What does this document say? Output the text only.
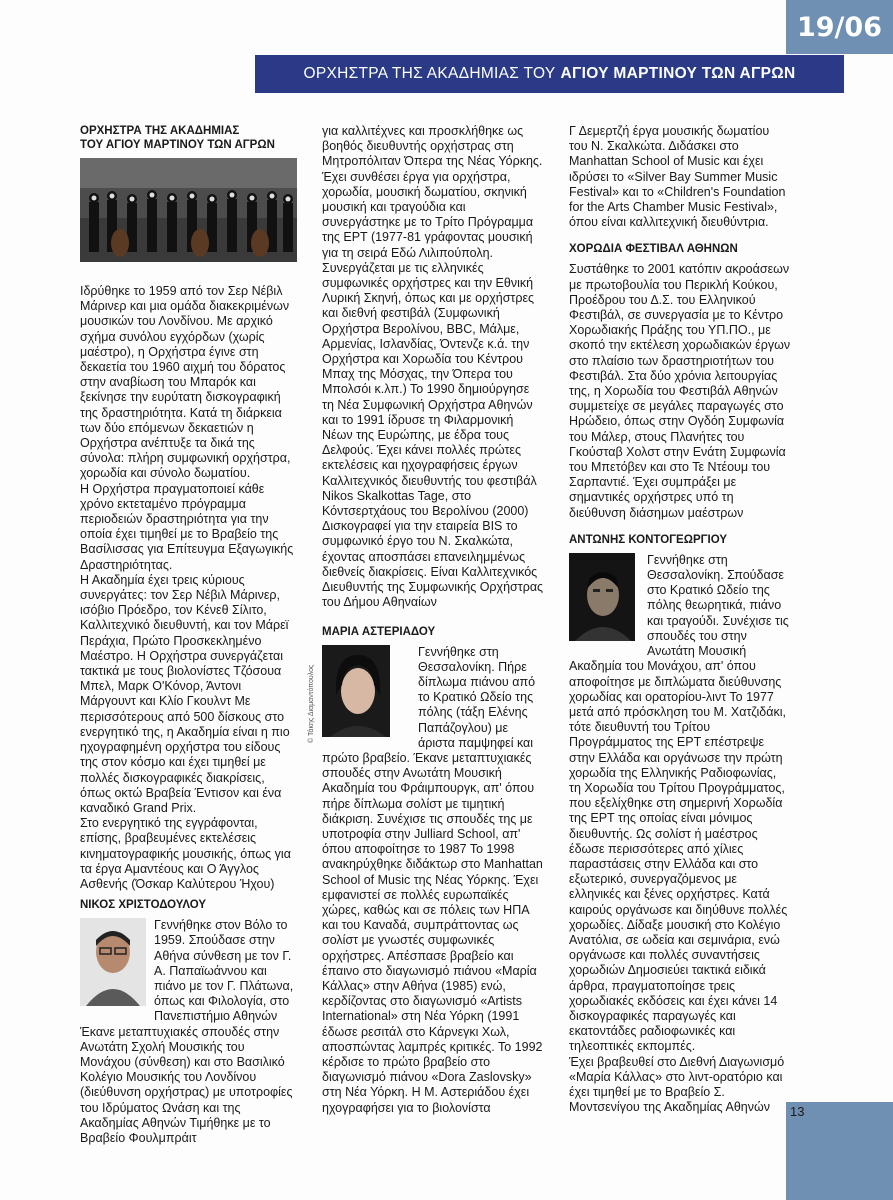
19/06
ΟΡΧΗΣΤΡΑ ΤΗΣ ΑΚΑΔΗΜΙΑΣ ΤΟΥ ΑΓΙΟΥ ΜΑΡΤΙΝΟΥ ΤΩΝ ΑΓΡΩΝ
ΟΡΧΗΣΤΡΑ ΤΗΣ ΑΚΑΔΗΜΙΑΣ
ΤΟΥ ΑΓΙΟΥ ΜΑΡΤΙΝΟΥ ΤΩΝ ΑΓΡΩΝ

Ιδρύθηκε το 1959 από τον Σερ Νέβιλ Μάρινερ και μια ομάδα διακεκριμένων μουσικών του Λονδίνου. Με αρχικό σχήμα συνόλου εγχόρδων (χωρίς μαέστρο), η Ορχήστρα έγινε στη δεκαετία του 1960 αιχμή του δόρατος στην αναβίωση του Μπαρόκ και ξεκίνησε την ευρύτατη δισκογραφική της δραστηριότητα. Κατά τη διάρκεια των δύο επόμενων δεκαετιών η Ορχήστρα ανέπτυξε τα δικά της σύνολα: πλήρη συμφωνική ορχήστρα, χορωδία και σύνολο δωματίου.
Η Ορχήστρα πραγματοποιεί κάθε χρόνο εκτεταμένο πρόγραμμα περιοδειών δραστηριότητα για την οποία έχει τιμηθεί με το Βραβείο της Βασίλισσας για Επίτευγμα Εξαγωγικής Δραστηριότητας.
Η Ακαδημία έχει τρεις κύριους συνεργάτες: τον Σερ Νέβιλ Μάρινερ, ισόβιο Πρόεδρο, τον Κένεθ Σίλιτο, Καλλιτεχνικό διευθυντή, και τον Μάρεϊ Περάχια, Πρώτο Προσκεκλημένο Μαέστρο. Η Ορχήστρα συνεργάζεται τακτικά με τους βιολονίστες Τζόσουα Μπελ, Μαρκ Ο'Κόνορ, Άντονι Μάργουντ και Κλίο Γκουλντ Με περισσότερους από 500 δίσκους στο ενεργητικό της, η Ακαδημία είναι η πιο ηχογραφημένη ορχήστρα του είδους της στον κόσμο και έχει τιμηθεί με πολλές δισκογραφικές διακρίσεις, όπως οκτώ Βραβεία Έντισον και ένα καναδικό Grand Prix.
Στο ενεργητικό της εγγράφονται, επίσης, βραβευμένες εκτελέσεις κινηματογραφικής μουσικής, όπως για τα έργα Αμαντέους και Ο Άγγλος Ασθενής (Όσκαρ Καλύτερου Ήχου)

ΝΙΚΟΣ ΧΡΙΣΤΟΔΟΥΛΟΥ

Γεννήθηκε στον Βόλο το 1959. Σπούδασε στην Αθήνα σύνθεση με τον Γ. Α. Παπαϊωάννου και πιάνο με τον Γ. Πλάτωνα, όπως και Φιλολογία, στο Πανεπιστήμιο Αθηνών Έκανε μεταπτυχιακές σπουδές στην Ανωτάτη Σχολή Μουσικής του Μονάχου (σύνθεση) και στο Βασιλικό Κολέγιο Μουσικής του Λονδίνου (διεύθυνση ορχήστρας) με υποτροφίες του Ιδρύματος Ωνάση και της Ακαδημίας Αθηνών Τιμήθηκε με το Βραβείο Φουλμπράιτ

για καλλιτέχνες και προσκλήθηκε ως βοηθός διευθυντής ορχήστρας στη Μητροπόλιταν Όπερα της Νέας Υόρκης. Έχει συνθέσει έργα για ορχήστρα, χορωδία, μουσική δωματίου, σκηνική μουσική και τραγούδια και συνεργάστηκε με το Τρίτο Πρόγραμμα της ΕΡΤ (1977-81 γράφοντας μουσική για τη σειρά Εδώ Λιλιπούπολη. Συνεργάζεται με τις ελληνικές συμφωνικές ορχήστρες και την Εθνική Λυρική Σκηνή, όπως και με ορχήστρες και διεθνή φεστιβάλ (Συμφωνική Ορχήστρα Βερολίνου, BBC, Μάλμε, Αρμενίας, Ισλανδίας, Όντενζε κ.ά. την Ορχήστρα και Χορωδία του Κέντρου Μπαχ της Μόσχας, την Όπερα του Μπολσόι κ.λπ.) Το 1990 δημιούργησε τη Νέα Συμφωνική Ορχήστρα Αθηνών και το 1991 ίδρυσε τη Φιλαρμονική Νέων της Ευρώπης, με έδρα τους Δελφούς. Έχει κάνει πολλές πρώτες εκτελέσεις και ηχογραφήσεις έργων Καλλιτεχνικός διευθυντής του φεστιβάλ Nikos Skalkottas Tage, στο Κόντσερτχάους του Βερολίνου (2000)
Δισκογραφεί για την εταιρεία BIS το συμφωνικό έργο του Ν. Σκαλκώτα, έχοντας αποσπάσει επανειλημμένως διεθνείς διακρίσεις. Είναι Καλλιτεχνικός Διευθυντής της Συμφωνικής Ορχήστρας του Δήμου Αθηναίων

ΜΑΡΙΑ ΑΣΤΕΡΙΑΔΟΥ

Γεννήθηκε στη Θεσσαλονίκη. Πήρε δίπλωμα πιάνου από το Κρατικό Ωδείο της πόλης (τάξη Ελένης Παπάζογλου) με άριστα παμψηφεί και πρώτο βραβείο. Έκανε μεταπτυχιακές σπουδές στην Ανωτάτη Μουσική Ακαδημία του Φράιμπουργκ, απ' όπου πήρε δίπλωμα σολίστ με τιμητική διάκριση. Συνέχισε τις σπουδές της με υποτροφία στην Julliard School, απ' όπου αποφοίτησε το 1987 Το 1998 ανακηρύχθηκε διδάκτωρ στο Manhattan School of Music της Νέας Υόρκης. Έχει εμφανιστεί σε πολλές ευρωπαϊκές χώρες, καθώς και σε πόλεις των ΗΠΑ και του Καναδά, συμπράττοντας ως σολίστ με γνωστές συμφωνικές ορχήστρες. Απέσπασε βραβείο και έπαινο στο διαγωνισμό πιάνου «Μαρία Κάλλας» στην Αθήνα (1985) ενώ, κερδίζοντας στο διαγωνισμό «Artists International» στη Νέα Υόρκη (1991 έδωσε ρεσιτάλ στο Κάρνεγκι Χωλ, αποσπώντας λαμπρές κριτικές. Το 1992 κέρδισε το πρώτο βραβείο στο διαγωνισμό πιάνου «Dora Zaslovsky» στη Νέα Υόρκη. Η Μ. Αστεριάδου έχει ηχογραφήσει για το βιολονίστα

© Τάκης Διαμαντόπουλος

Γ Δεμερτζή έργα μουσικής δωματίου του Ν. Σκαλκώτα. Διδάσκει στο Manhattan School of Music και έχει ιδρύσει το «Silver Bay Summer Music Festival» και το «Children's Foundation for the Arts Chamber Music Festival», όπου είναι καλλιτεχνική διευθύντρια.

ΧΟΡΩΔΙΑ ΦΕΣΤΙΒΑΛ ΑΘΗΝΩΝ

Συστάθηκε το 2001 κατόπιν ακροάσεων με πρωτοβουλία του Περικλή Κούκου, Προέδρου του Δ.Σ. του Ελληνικού Φεστιβάλ, σε συνεργασία με το Κέντρο Χορωδιακής Πράξης του ΥΠ.ΠΟ., με σκοπό την εκτέλεση χορωδιακών έργων στο πλαίσιο των δραστηριοτήτων του Φεστιβάλ. Στα δύο χρόνια λειτουργίας της, η Χορωδία του Φεστιβάλ Αθηνών συμμετείχε σε μεγάλες παραγωγές στο Ηρώδειο, όπως στην Ογδόη Συμφωνία του Μάλερ, στους Πλανήτες του Γκούσταβ Χολστ στην Ενάτη Συμφωνία του Μπετόβεν και στο Τε Ντέουμ του Σαρπαντιέ. Έχει συμπράξει με σημαντικές ορχήστρες υπό τη διεύθυνση διάσημων μαέστρων

ΑΝΤΩΝΗΣ ΚΟΝΤΟΓΕΩΡΓΙΟΥ

Γεννήθηκε στη Θεσσαλονίκη. Σπούδασε στο Κρατικό Ωδείο της πόλης θεωρητικά, πιάνο και τραγούδι. Συνέχισε τις σπουδές του στην Ανωτάτη Μουσική Ακαδημία του Μονάχου, απ' όπου αποφοίτησε με διπλώματα διεύθυνσης χορωδίας και ορατορίου-λιντ Το 1977 μετά από πρόσκληση του Μ. Χατζιδάκι, τότε διευθυντή του Τρίτου Προγράμματος της ΕΡΤ επέστρεψε στην Ελλάδα και οργάνωσε την πρώτη χορωδία της Ελληνικής Ραδιοφωνίας, τη Χορωδία του Τρίτου Προγράμματος, που εξελίχθηκε στη σημερινή Χορωδία της ΕΡΤ της οποίας είναι μόνιμος διευθυντής. Ως σολίστ ή μαέστρος έδωσε περισσότερες από χίλιες παραστάσεις στην Ελλάδα και στο εξωτερικό, συνεργαζόμενος με ελληνικές και ξένες ορχήστρες. Κατά καιρούς οργάνωσε και διηύθυνε πολλές χορωδίες. Δίδαξε μουσική στο Κολέγιο Ανατόλια, σε ωδεία και σεμινάρια, ενώ οργάνωσε και πολλές συναντήσεις χορωδιών Δημοσιεύει τακτικά ειδικά άρθρα, πραγματοποίησε τρεις χορωδιακές εκδόσεις και έχει κάνει 14 δισκογραφικές παραγωγές και εκατοντάδες ραδιοφωνικές και τηλεοπτικές εκπομπές.
Έχει βραβευθεί στο Διεθνή Διαγωνισμό «Μαρία Κάλλας» στο λιντ-ορατόριο και έχει τιμηθεί με το Βραβείο Σ. Μοντσενίγου της Ακαδημίας Αθηνών	13
